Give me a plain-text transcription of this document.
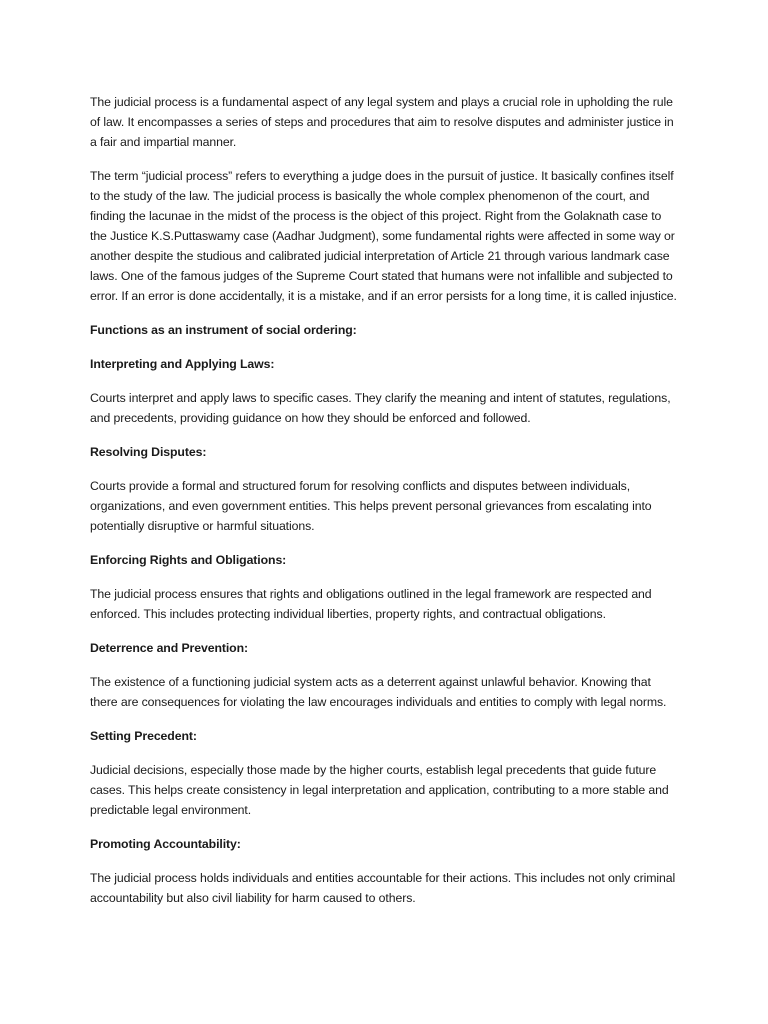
The judicial process is a fundamental aspect of any legal system and plays a crucial role in upholding the rule of law. It encompasses a series of steps and procedures that aim to resolve disputes and administer justice in a fair and impartial manner.

The term “judicial process” refers to everything a judge does in the pursuit of justice. It basically confines itself to the study of the law. The judicial process is basically the whole complex phenomenon of the court, and finding the lacunae in the midst of the process is the object of this project. Right from the Golaknath case to the Justice K.S.Puttaswamy case (Aadhar Judgment), some fundamental rights were affected in some way or another despite the studious and calibrated judicial interpretation of Article 21 through various landmark case laws. One of the famous judges of the Supreme Court stated that humans were not infallible and subjected to error. If an error is done accidentally, it is a mistake, and if an error persists for a long time, it is called injustice.

Functions as an instrument of social ordering:

Interpreting and Applying Laws:

Courts interpret and apply laws to specific cases. They clarify the meaning and intent of statutes, regulations, and precedents, providing guidance on how they should be enforced and followed.

Resolving Disputes:

Courts provide a formal and structured forum for resolving conflicts and disputes between individuals, organizations, and even government entities. This helps prevent personal grievances from escalating into potentially disruptive or harmful situations.

Enforcing Rights and Obligations:

The judicial process ensures that rights and obligations outlined in the legal framework are respected and enforced. This includes protecting individual liberties, property rights, and contractual obligations.

Deterrence and Prevention:

The existence of a functioning judicial system acts as a deterrent against unlawful behavior. Knowing that there are consequences for violating the law encourages individuals and entities to comply with legal norms.

Setting Precedent:

Judicial decisions, especially those made by the higher courts, establish legal precedents that guide future cases. This helps create consistency in legal interpretation and application, contributing to a more stable and predictable legal environment.

Promoting Accountability:

The judicial process holds individuals and entities accountable for their actions. This includes not only criminal accountability but also civil liability for harm caused to others.
